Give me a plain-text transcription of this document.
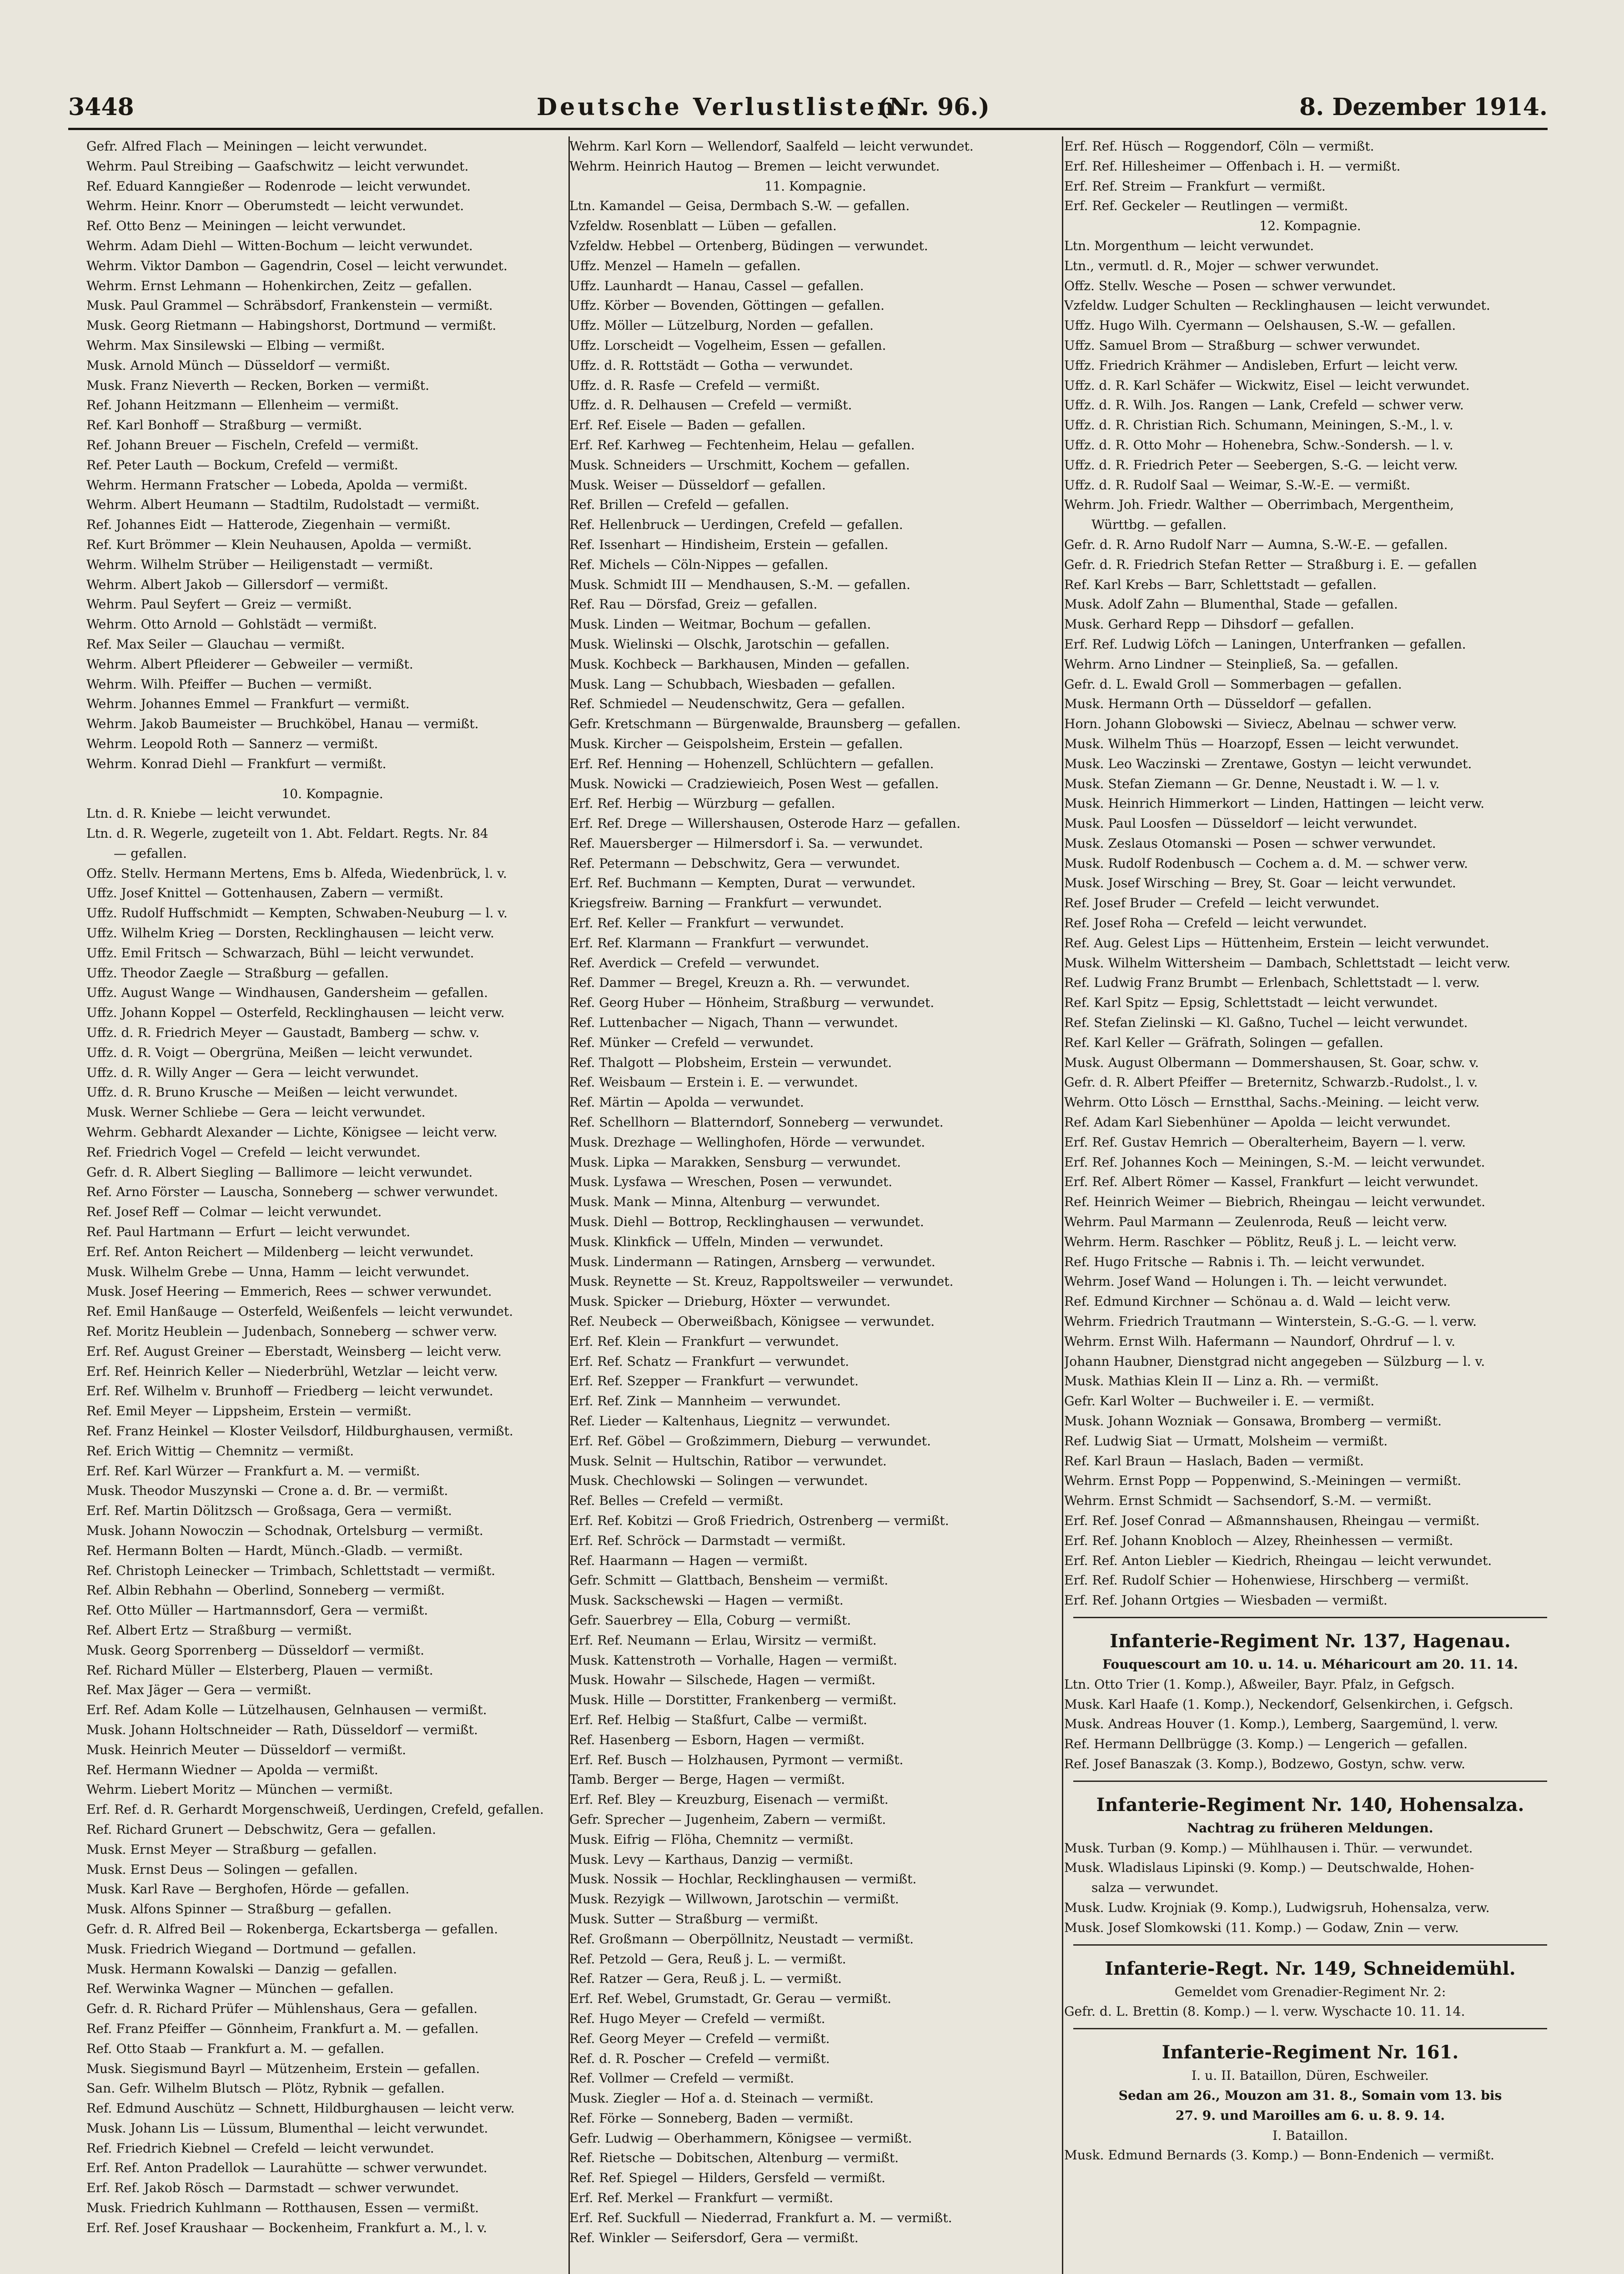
3448	Deutsche Verlustlisten.
(Nr. 96.)	8. Dezember 1914.
Gefr. Alfred Flach — Meiningen — leicht verwundet.
Wehrm. Paul Streibing — Gaafschwitz — leicht verwundet.
Ref. Eduard Kanngießer — Rodenrode — leicht verwundet.
Wehrm. Heinr. Knorr — Oberumstedt — leicht verwundet.
Ref. Otto Benz — Meiningen — leicht verwundet.
Wehrm. Adam Diehl — Witten-Bochum — leicht verwundet.
Wehrm. Viktor Dambon — Gagendrin, Cosel — leicht verwundet.
Wehrm. Ernst Lehmann — Hohenkirchen, Zeitz — gefallen.
Musk. Paul Grammel — Schräbsdorf, Frankenstein — vermißt.
Musk. Georg Rietmann — Habingshorst, Dortmund — vermißt.
Wehrm. Max Sinsilewski — Elbing — vermißt.
Musk. Arnold Münch — Düsseldorf — vermißt.
Musk. Franz Nieverth — Recken, Borken — vermißt.
Ref. Johann Heitzmann — Ellenheim — vermißt.
Ref. Karl Bonhoff — Straßburg — vermißt.
Ref. Johann Breuer — Fischeln, Crefeld — vermißt.
Ref. Peter Lauth — Bockum, Crefeld — vermißt.
Wehrm. Hermann Fratscher — Lobeda, Apolda — vermißt.
Wehrm. Albert Heumann — Stadtilm, Rudolstadt — vermißt.
Ref. Johannes Eidt — Hatterode, Ziegenhain — vermißt.
Ref. Kurt Brömmer — Klein Neuhausen, Apolda — vermißt.
Wehrm. Wilhelm Strüber — Heiligenstadt — vermißt.
Wehrm. Albert Jakob — Gillersdorf — vermißt.
Wehrm. Paul Seyfert — Greiz — vermißt.
Wehrm. Otto Arnold — Gohlstädt — vermißt.
Ref. Max Seiler — Glauchau — vermißt.
Wehrm. Albert Pfleiderer — Gebweiler — vermißt.
Wehrm. Wilh. Pfeiffer — Buchen — vermißt.
Wehrm. Johannes Emmel — Frankfurt — vermißt.
Wehrm. Jakob Baumeister — Bruchköbel, Hanau — vermißt.
Wehrm. Leopold Roth — Sannerz — vermißt.
Wehrm. Konrad Diehl — Frankfurt — vermißt.
10. Kompagnie.
Ltn. d. R. Kniebe — leicht verwundet.
Ltn. d. R. Wegerle, zugeteilt von 1. Abt. Feldart. Regts. Nr. 84
— gefallen.
Offz. Stellv. Hermann Mertens, Ems b. Alfeda, Wiedenbrück, l. v.
Uffz. Josef Knittel — Gottenhausen, Zabern — vermißt.
Uffz. Rudolf Huffschmidt — Kempten, Schwaben-Neuburg — l. v.
Uffz. Wilhelm Krieg — Dorsten, Recklinghausen — leicht verw.
Uffz. Emil Fritsch — Schwarzach, Bühl — leicht verwundet.
Uffz. Theodor Zaegle — Straßburg — gefallen.
Uffz. August Wange — Windhausen, Gandersheim — gefallen.
Uffz. Johann Koppel — Osterfeld, Recklinghausen — leicht verw.
Uffz. d. R. Friedrich Meyer — Gaustadt, Bamberg — schw. v.
Uffz. d. R. Voigt — Obergrüna, Meißen — leicht verwundet.
Uffz. d. R. Willy Anger — Gera — leicht verwundet.
Uffz. d. R. Bruno Krusche — Meißen — leicht verwundet.
Musk. Werner Schliebe — Gera — leicht verwundet.
Wehrm. Gebhardt Alexander — Lichte, Königsee — leicht verw.
Ref. Friedrich Vogel — Crefeld — leicht verwundet.
Gefr. d. R. Albert Siegling — Ballimore — leicht verwundet.
Ref. Arno Förster — Lauscha, Sonneberg — schwer verwundet.
Ref. Josef Reff — Colmar — leicht verwundet.
Ref. Paul Hartmann — Erfurt — leicht verwundet.
Erf. Ref. Anton Reichert — Mildenberg — leicht verwundet.
Musk. Wilhelm Grebe — Unna, Hamm — leicht verwundet.
Musk. Josef Heering — Emmerich, Rees — schwer verwundet.
Ref. Emil Hanßauge — Osterfeld, Weißenfels — leicht verwundet.
Ref. Moritz Heublein — Judenbach, Sonneberg — schwer verw.
Erf. Ref. August Greiner — Eberstadt, Weinsberg — leicht verw.
Erf. Ref. Heinrich Keller — Niederbrühl, Wetzlar — leicht verw.
Erf. Ref. Wilhelm v. Brunhoff — Friedberg — leicht verwundet.
Ref. Emil Meyer — Lippsheim, Erstein — vermißt.
Ref. Franz Heinkel — Kloster Veilsdorf, Hildburghausen, vermißt.
Ref. Erich Wittig — Chemnitz — vermißt.
Erf. Ref. Karl Würzer — Frankfurt a. M. — vermißt.
Musk. Theodor Muszynski — Crone a. d. Br. — vermißt.
Erf. Ref. Martin Dölitzsch — Großsaga, Gera — vermißt.
Musk. Johann Nowoczin — Schodnak, Ortelsburg — vermißt.
Ref. Hermann Bolten — Hardt, Münch.-Gladb. — vermißt.
Ref. Christoph Leinecker — Trimbach, Schlettstadt — vermißt.
Ref. Albin Rebhahn — Oberlind, Sonneberg — vermißt.
Ref. Otto Müller — Hartmannsdorf, Gera — vermißt.
Ref. Albert Ertz — Straßburg — vermißt.
Musk. Georg Sporrenberg — Düsseldorf — vermißt.
Ref. Richard Müller — Elsterberg, Plauen — vermißt.
Ref. Max Jäger — Gera — vermißt.
Erf. Ref. Adam Kolle — Lützelhausen, Gelnhausen — vermißt.
Musk. Johann Holtschneider — Rath, Düsseldorf — vermißt.
Musk. Heinrich Meuter — Düsseldorf — vermißt.
Ref. Hermann Wiedner — Apolda — vermißt.
Wehrm. Liebert Moritz — München — vermißt.
Erf. Ref. d. R. Gerhardt Morgenschweiß, Uerdingen, Crefeld, gefallen.
Ref. Richard Grunert — Debschwitz, Gera — gefallen.
Musk. Ernst Meyer — Straßburg — gefallen.
Musk. Ernst Deus — Solingen — gefallen.
Musk. Karl Rave — Berghofen, Hörde — gefallen.
Musk. Alfons Spinner — Straßburg — gefallen.
Gefr. d. R. Alfred Beil — Rokenberga, Eckartsberga — gefallen.
Musk. Friedrich Wiegand — Dortmund — gefallen.
Musk. Hermann Kowalski — Danzig — gefallen.
Ref. Werwinka Wagner — München — gefallen.
Gefr. d. R. Richard Prüfer — Mühlenshaus, Gera — gefallen.
Ref. Franz Pfeiffer — Gönnheim, Frankfurt a. M. — gefallen.
Ref. Otto Staab — Frankfurt a. M. — gefallen.
Musk. Siegismund Bayrl — Mützenheim, Erstein — gefallen.
San. Gefr. Wilhelm Blutsch — Plötz, Rybnik — gefallen.
Ref. Edmund Auschütz — Schnett, Hildburghausen — leicht verw.
Musk. Johann Lis — Lüssum, Blumenthal — leicht verwundet.
Ref. Friedrich Kiebnel — Crefeld — leicht verwundet.
Erf. Ref. Anton Pradellok — Laurahütte — schwer verwundet.
Erf. Ref. Jakob Rösch — Darmstadt — schwer verwundet.
Musk. Friedrich Kuhlmann — Rotthausen, Essen — vermißt.
Erf. Ref. Josef Kraushaar — Bockenheim, Frankfurt a. M., l. v.
Wehrm. Karl Korn — Wellendorf, Saalfeld — leicht verwundet.
Wehrm. Heinrich Hautog — Bremen — leicht verwundet.
11. Kompagnie.
Ltn. Kamandel — Geisa, Dermbach S.-W. — gefallen.
Vzfeldw. Rosenblatt — Lüben — gefallen.
Vzfeldw. Hebbel — Ortenberg, Büdingen — verwundet.
Uffz. Menzel — Hameln — gefallen.
Uffz. Launhardt — Hanau, Cassel — gefallen.
Uffz. Körber — Bovenden, Göttingen — gefallen.
Uffz. Möller — Lützelburg, Norden — gefallen.
Uffz. Lorscheidt — Vogelheim, Essen — gefallen.
Uffz. d. R. Rottstädt — Gotha — verwundet.
Uffz. d. R. Rasfe — Crefeld — vermißt.
Uffz. d. R. Delhausen — Crefeld — vermißt.
Erf. Ref. Eisele — Baden — gefallen.
Erf. Ref. Karhweg — Fechtenheim, Helau — gefallen.
Musk. Schneiders — Urschmitt, Kochem — gefallen.
Musk. Weiser — Düsseldorf — gefallen.
Ref. Brillen — Crefeld — gefallen.
Ref. Hellenbruck — Uerdingen, Crefeld — gefallen.
Ref. Issenhart — Hindisheim, Erstein — gefallen.
Ref. Michels — Cöln-Nippes — gefallen.
Musk. Schmidt III — Mendhausen, S.-M. — gefallen.
Ref. Rau — Dörsfad, Greiz — gefallen.
Musk. Linden — Weitmar, Bochum — gefallen.
Musk. Wielinski — Olschk, Jarotschin — gefallen.
Musk. Kochbeck — Barkhausen, Minden — gefallen.
Musk. Lang — Schubbach, Wiesbaden — gefallen.
Ref. Schmiedel — Neudenschwitz, Gera — gefallen.
Gefr. Kretschmann — Bürgenwalde, Braunsberg — gefallen.
Musk. Kircher — Geispolsheim, Erstein — gefallen.
Erf. Ref. Henning — Hohenzell, Schlüchtern — gefallen.
Musk. Nowicki — Cradziewieich, Posen West — gefallen.
Erf. Ref. Herbig — Würzburg — gefallen.
Erf. Ref. Drege — Willershausen, Osterode Harz — gefallen.
Ref. Mauersberger — Hilmersdorf i. Sa. — verwundet.
Ref. Petermann — Debschwitz, Gera — verwundet.
Erf. Ref. Buchmann — Kempten, Durat — verwundet.
Kriegsfreiw. Barning — Frankfurt — verwundet.
Erf. Ref. Keller — Frankfurt — verwundet.
Erf. Ref. Klarmann — Frankfurt — verwundet.
Ref. Averdick — Crefeld — verwundet.
Ref. Dammer — Bregel, Kreuzn a. Rh. — verwundet.
Ref. Georg Huber — Hönheim, Straßburg — verwundet.
Ref. Luttenbacher — Nigach, Thann — verwundet.
Ref. Münker — Crefeld — verwundet.
Ref. Thalgott — Plobsheim, Erstein — verwundet.
Ref. Weisbaum — Erstein i. E. — verwundet.
Ref. Märtin — Apolda — verwundet.
Ref. Schellhorn — Blatterndorf, Sonneberg — verwundet.
Musk. Drezhage — Wellinghofen, Hörde — verwundet.
Musk. Lipka — Marakken, Sensburg — verwundet.
Musk. Lysfawa — Wreschen, Posen — verwundet.
Musk. Mank — Minna, Altenburg — verwundet.
Musk. Diehl — Bottrop, Recklinghausen — verwundet.
Musk. Klinkfick — Uffeln, Minden — verwundet.
Musk. Lindermann — Ratingen, Arnsberg — verwundet.
Musk. Reynette — St. Kreuz, Rappoltsweiler — verwundet.
Musk. Spicker — Drieburg, Höxter — verwundet.
Ref. Neubeck — Oberweißbach, Königsee — verwundet.
Erf. Ref. Klein — Frankfurt — verwundet.
Erf. Ref. Schatz — Frankfurt — verwundet.
Erf. Ref. Szepper — Frankfurt — verwundet.
Erf. Ref. Zink — Mannheim — verwundet.
Ref. Lieder — Kaltenhaus, Liegnitz — verwundet.
Erf. Ref. Göbel — Großzimmern, Dieburg — verwundet.
Musk. Selnit — Hultschin, Ratibor — verwundet.
Musk. Chechlowski — Solingen — verwundet.
Ref. Belles — Crefeld — vermißt.
Erf. Ref. Kobitzi — Groß Friedrich, Ostrenberg — vermißt.
Erf. Ref. Schröck — Darmstadt — vermißt.
Ref. Haarmann — Hagen — vermißt.
Gefr. Schmitt — Glattbach, Bensheim — vermißt.
Musk. Sackschewski — Hagen — vermißt.
Gefr. Sauerbrey — Ella, Coburg — vermißt.
Erf. Ref. Neumann — Erlau, Wirsitz — vermißt.
Musk. Kattenstroth — Vorhalle, Hagen — vermißt.
Musk. Howahr — Silschede, Hagen — vermißt.
Musk. Hille — Dorstitter, Frankenberg — vermißt.
Erf. Ref. Helbig — Staßfurt, Calbe — vermißt.
Ref. Hasenberg — Esborn, Hagen — vermißt.
Erf. Ref. Busch — Holzhausen, Pyrmont — vermißt.
Tamb. Berger — Berge, Hagen — vermißt.
Erf. Ref. Bley — Kreuzburg, Eisenach — vermißt.
Gefr. Sprecher — Jugenheim, Zabern — vermißt.
Musk. Eifrig — Flöha, Chemnitz — vermißt.
Musk. Levy — Karthaus, Danzig — vermißt.
Musk. Nossik — Hochlar, Recklinghausen — vermißt.
Musk. Rezyigk — Willwown, Jarotschin — vermißt.
Musk. Sutter — Straßburg — vermißt.
Ref. Großmann — Oberpöllnitz, Neustadt — vermißt.
Ref. Petzold — Gera, Reuß j. L. — vermißt.
Ref. Ratzer — Gera, Reuß j. L. — vermißt.
Erf. Ref. Webel, Grumstadt, Gr. Gerau — vermißt.
Ref. Hugo Meyer — Crefeld — vermißt.
Ref. Georg Meyer — Crefeld — vermißt.
Ref. d. R. Poscher — Crefeld — vermißt.
Ref. Vollmer — Crefeld — vermißt.
Musk. Ziegler — Hof a. d. Steinach — vermißt.
Ref. Förke — Sonneberg, Baden — vermißt.
Gefr. Ludwig — Oberhammern, Königsee — vermißt.
Ref. Rietsche — Dobitschen, Altenburg — vermißt.
Ref. Ref. Spiegel — Hilders, Gersfeld — vermißt.
Erf. Ref. Merkel — Frankfurt — vermißt.
Erf. Ref. Suckfull — Niederrad, Frankfurt a. M. — vermißt.
Ref. Winkler — Seifersdorf, Gera — vermißt.
Erf. Ref. Hüsch — Roggendorf, Cöln — vermißt.
Erf. Ref. Hillesheimer — Offenbach i. H. — vermißt.
Erf. Ref. Streim — Frankfurt — vermißt.
Erf. Ref. Geckeler — Reutlingen — vermißt.
12. Kompagnie.
Ltn. Morgenthum — leicht verwundet.
Ltn., vermutl. d. R., Mojer — schwer verwundet.
Offz. Stellv. Wesche — Posen — schwer verwundet.
Vzfeldw. Ludger Schulten — Recklinghausen — leicht verwundet.
Uffz. Hugo Wilh. Cyermann — Oelshausen, S.-W. — gefallen.
Uffz. Samuel Brom — Straßburg — schwer verwundet.
Uffz. Friedrich Krähmer — Andisleben, Erfurt — leicht verw.
Uffz. d. R. Karl Schäfer — Wickwitz, Eisel — leicht verwundet.
Uffz. d. R. Wilh. Jos. Rangen — Lank, Crefeld — schwer verw.
Uffz. d. R. Christian Rich. Schumann, Meiningen, S.-M., l. v.
Uffz. d. R. Otto Mohr — Hohenebra, Schw.-Sondersh. — l. v.
Uffz. d. R. Friedrich Peter — Seebergen, S.-G. — leicht verw.
Uffz. d. R. Rudolf Saal — Weimar, S.-W.-E. — vermißt.
Wehrm. Joh. Friedr. Walther — Oberrimbach, Mergentheim,
Württbg. — gefallen.
Gefr. d. R. Arno Rudolf Narr — Aumna, S.-W.-E. — gefallen.
Gefr. d. R. Friedrich Stefan Retter — Straßburg i. E. — gefallen
Ref. Karl Krebs — Barr, Schlettstadt — gefallen.
Musk. Adolf Zahn — Blumenthal, Stade — gefallen.
Musk. Gerhard Repp — Dihsdorf — gefallen.
Erf. Ref. Ludwig Löfch — Laningen, Unterfranken — gefallen.
Wehrm. Arno Lindner — Steinpließ, Sa. — gefallen.
Gefr. d. L. Ewald Groll — Sommerbagen — gefallen.
Musk. Hermann Orth — Düsseldorf — gefallen.
Horn. Johann Globowski — Siviecz, Abelnau — schwer verw.
Musk. Wilhelm Thüs — Hoarzopf, Essen — leicht verwundet.
Musk. Leo Waczinski — Zrentawe, Gostyn — leicht verwundet.
Musk. Stefan Ziemann — Gr. Denne, Neustadt i. W. — l. v.
Musk. Heinrich Himmerkort — Linden, Hattingen — leicht verw.
Musk. Paul Loosfen — Düsseldorf — leicht verwundet.
Musk. Zeslaus Otomanski — Posen — schwer verwundet.
Musk. Rudolf Rodenbusch — Cochem a. d. M. — schwer verw.
Musk. Josef Wirsching — Brey, St. Goar — leicht verwundet.
Ref. Josef Bruder — Crefeld — leicht verwundet.
Ref. Josef Roha — Crefeld — leicht verwundet.
Ref. Aug. Gelest Lips — Hüttenheim, Erstein — leicht verwundet.
Musk. Wilhelm Wittersheim — Dambach, Schlettstadt — leicht verw.
Ref. Ludwig Franz Brumbt — Erlenbach, Schlettstadt — l. verw.
Ref. Karl Spitz — Epsig, Schlettstadt — leicht verwundet.
Ref. Stefan Zielinski — Kl. Gaßno, Tuchel — leicht verwundet.
Ref. Karl Keller — Gräfrath, Solingen — gefallen.
Musk. August Olbermann — Dommershausen, St. Goar, schw. v.
Gefr. d. R. Albert Pfeiffer — Breternitz, Schwarzb.-Rudolst., l. v.
Wehrm. Otto Lösch — Ernstthal, Sachs.-Meining. — leicht verw.
Ref. Adam Karl Siebenhüner — Apolda — leicht verwundet.
Erf. Ref. Gustav Hemrich — Oberalterheim, Bayern — l. verw.
Erf. Ref. Johannes Koch — Meiningen, S.-M. — leicht verwundet.
Erf. Ref. Albert Römer — Kassel, Frankfurt — leicht verwundet.
Ref. Heinrich Weimer — Biebrich, Rheingau — leicht verwundet.
Wehrm. Paul Marmann — Zeulenroda, Reuß — leicht verw.
Wehrm. Herm. Raschker — Pöblitz, Reuß j. L. — leicht verw.
Ref. Hugo Fritsche — Rabnis i. Th. — leicht verwundet.
Wehrm. Josef Wand — Holungen i. Th. — leicht verwundet.
Ref. Edmund Kirchner — Schönau a. d. Wald — leicht verw.
Wehrm. Friedrich Trautmann — Winterstein, S.-G.-G. — l. verw.
Wehrm. Ernst Wilh. Hafermann — Naundorf, Ohrdruf — l. v.
Johann Haubner, Dienstgrad nicht angegeben — Sülzburg — l. v.
Musk. Mathias Klein II — Linz a. Rh. — vermißt.
Gefr. Karl Wolter — Buchweiler i. E. — vermißt.
Musk. Johann Wozniak — Gonsawa, Bromberg — vermißt.
Ref. Ludwig Siat — Urmatt, Molsheim — vermißt.
Ref. Karl Braun — Haslach, Baden — vermißt.
Wehrm. Ernst Popp — Poppenwind, S.-Meiningen — vermißt.
Wehrm. Ernst Schmidt — Sachsendorf, S.-M. — vermißt.
Erf. Ref. Josef Conrad — Aßmannshausen, Rheingau — vermißt.
Erf. Ref. Johann Knobloch — Alzey, Rheinhessen — vermißt.
Erf. Ref. Anton Liebler — Kiedrich, Rheingau — leicht verwundet.
Erf. Ref. Rudolf Schier — Hohenwiese, Hirschberg — vermißt.
Erf. Ref. Johann Ortgies — Wiesbaden — vermißt.
Infanterie-Regiment Nr. 137, Hagenau.
Fouquescourt am 10. u. 14. u. Méharicourt am 20. 11. 14.
Ltn. Otto Trier (1. Komp.), Aßweiler, Bayr. Pfalz, in Gefgsch.
Musk. Karl Haafe (1. Komp.), Neckendorf, Gelsenkirchen, i. Gefgsch.
Musk. Andreas Houver (1. Komp.), Lemberg, Saargemünd, l. verw.
Ref. Hermann Dellbrügge (3. Komp.) — Lengerich — gefallen.
Ref. Josef Banaszak (3. Komp.), Bodzewo, Gostyn, schw. verw.
Infanterie-Regiment Nr. 140, Hohensalza.
Nachtrag zu früheren Meldungen.
Musk. Turban (9. Komp.) — Mühlhausen i. Thür. — verwundet.
Musk. Wladislaus Lipinski (9. Komp.) — Deutschwalde, Hohen-
salza — verwundet.
Musk. Ludw. Krojniak (9. Komp.), Ludwigsruh, Hohensalza, verw.
Musk. Josef Slomkowski (11. Komp.) — Godaw, Znin — verw.
Infanterie-Regt. Nr. 149, Schneidemühl.
Gemeldet vom Grenadier-Regiment Nr. 2:
Gefr. d. L. Brettin (8. Komp.) — l. verw. Wyschacte 10. 11. 14.
Infanterie-Regiment Nr. 161.
I. u. II. Bataillon, Düren, Eschweiler.
Sedan am 26., Mouzon am 31. 8., Somain vom 13. bis
27. 9. und Maroilles am 6. u. 8. 9. 14.
I. Bataillon.
Musk. Edmund Bernards (3. Komp.) — Bonn-Endenich — vermißt.
